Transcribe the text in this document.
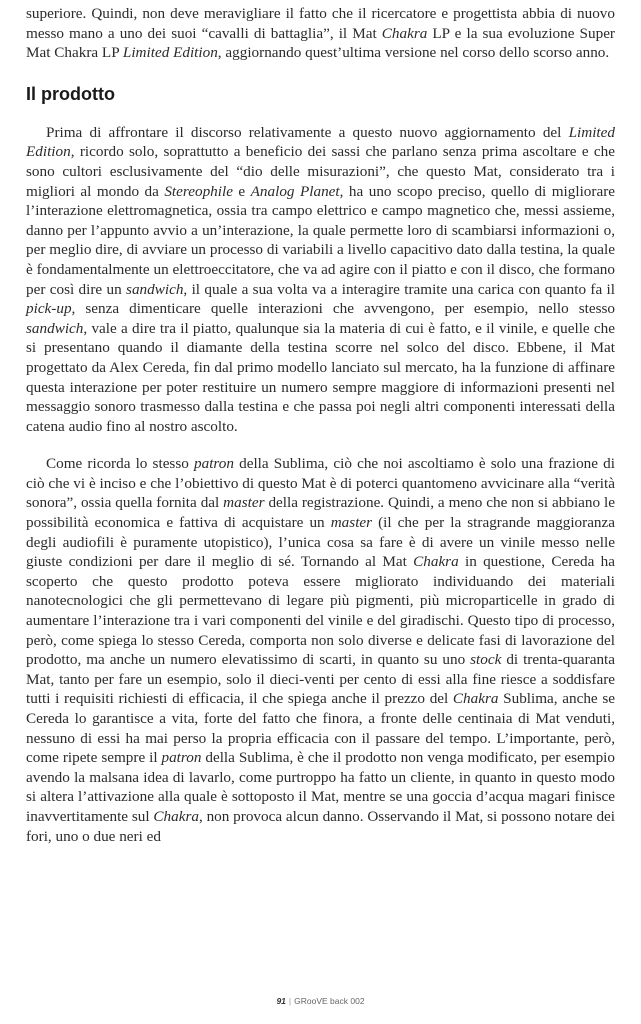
superiore. Quindi, non deve meravigliare il fatto che il ricercatore e progettista abbia di nuovo messo mano a uno dei suoi “cavalli di battaglia”, il Mat Chakra LP e la sua evoluzione Super Mat Chakra LP Limited Edition, aggiornando quest’ultima versione nel corso dello scorso anno.

Il prodotto

Prima di affrontare il discorso relativamente a questo nuovo aggiornamento del Limited Edition, ricordo solo, soprattutto a beneficio dei sassi che parlano senza prima ascoltare e che sono cultori esclusivamente del “dio delle misurazioni”, che questo Mat, considerato tra i migliori al mondo da Stereophile e Analog Planet, ha uno scopo preciso, quello di migliorare l’interazione elettromagnetica, ossia tra campo elettrico e campo magnetico che, messi assieme, danno per l’appunto avvio a un’interazione, la quale permette loro di scambiarsi informazioni o, per meglio dire, di avviare un processo di variabili a livello capacitivo dato dalla testina, la quale è fondamentalmente un elettroeccitatore, che va ad agire con il piatto e con il disco, che formano per così dire un sandwich, il quale a sua volta va a interagire tramite una carica con quanto fa il pick-up, senza dimenticare quelle interazioni che avvengono, per esempio, nello stesso sandwich, vale a dire tra il piatto, qualunque sia la materia di cui è fatto, e il vinile, e quelle che si presentano quando il diamante della testina scorre nel solco del disco. Ebbene, il Mat progettato da Alex Cereda, fin dal primo modello lanciato sul mercato, ha la funzione di affinare questa interazione per poter restituire un numero sempre maggiore di informazioni presenti nel messaggio sonoro trasmesso dalla testina e che passa poi negli altri componenti interessati della catena audio fino al nostro ascolto.

Come ricorda lo stesso patron della Sublima, ciò che noi ascoltiamo è solo una frazione di ciò che vi è inciso e che l’obiettivo di questo Mat è di poterci quantomeno avvicinare alla “verità sonora”, ossia quella fornita dal master della registrazione. Quindi, a meno che non si abbiano le possibilità economica e fattiva di acquistare un master (il che per la stragrande maggioranza degli audiofili è puramente utopistico), l’unica cosa sa fare è di avere un vinile messo nelle giuste condizioni per dare il meglio di sé. Tornando al Mat Chakra in questione, Cereda ha scoperto che questo prodotto poteva essere migliorato individuando dei materiali nanotecnologici che gli permettevano di legare più pigmenti, più microparticelle in grado di aumentare l’interazione tra i vari componenti del vinile e del giradischi. Questo tipo di processo, però, come spiega lo stesso Cereda, comporta non solo diverse e delicate fasi di lavorazione del prodotto, ma anche un numero elevatissimo di scarti, in quanto su uno stock di trenta-quaranta Mat, tanto per fare un esempio, solo il dieci-venti per cento di essi alla fine riesce a soddisfare tutti i requisiti richiesti di efficacia, il che spiega anche il prezzo del Chakra Sublima, anche se Cereda lo garantisce a vita, forte del fatto che finora, a fronte delle centinaia di Mat venduti, nessuno di essi ha mai perso la propria efficacia con il passare del tempo. L’importante, però, come ripete sempre il patron della Sublima, è che il prodotto non venga modificato, per esempio avendo la malsana idea di lavarlo, come purtroppo ha fatto un cliente, in quanto in questo modo si altera l’attivazione alla quale è sottoposto il Mat, mentre se una goccia d’acqua magari finisce inavvertitamente sul Chakra, non provoca alcun danno. Osservando il Mat, si possono notare dei fori, uno o due neri ed

91 | GRooVE back 002
